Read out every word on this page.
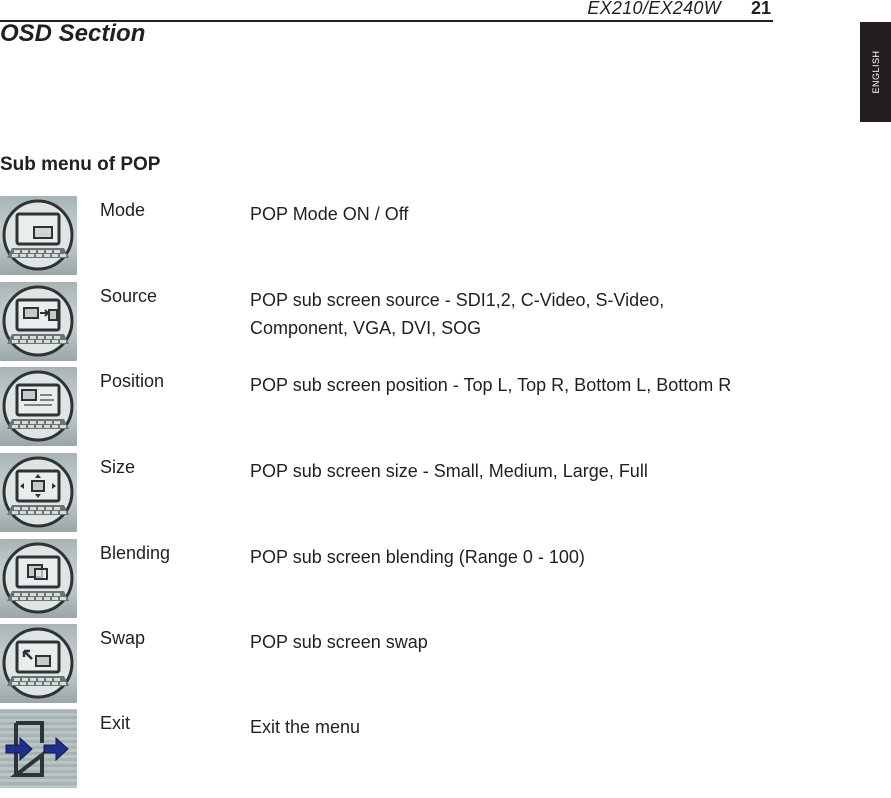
EX210/EX240W 21
OSD Section
ENGLISH
Sub menu of POP
Mode	POP Mode ON / Off
Source	POP sub screen source - SDI1,2, C-Video, S-Video,
Component, VGA, DVI, SOG
Position	POP sub screen position - Top L, Top R, Bottom L, Bottom R
Size	POP sub screen size - Small, Medium, Large, Full
Blending	POP sub screen blending (Range 0 - 100)
Swap	POP sub screen swap
Exit	Exit the menu
